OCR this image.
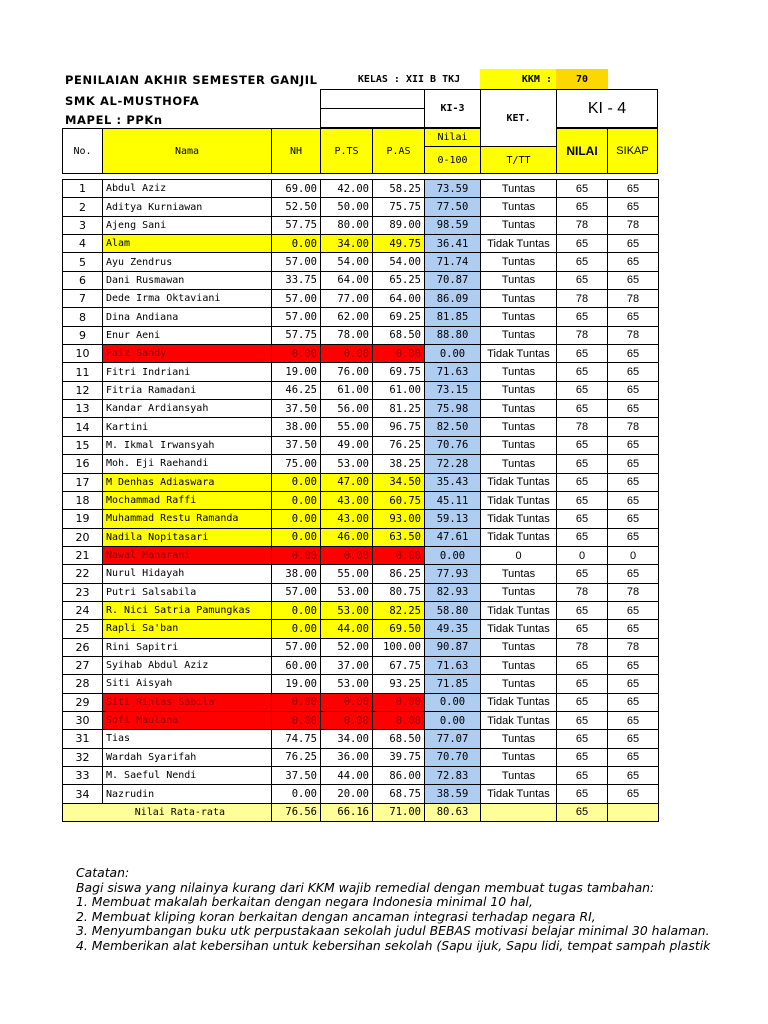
PENILAIAN AKHIR SEMESTER GANJIL
SMK AL-MUSTHOFA
MAPEL : PPKn
KELAS : XII B TKJ	KKM :	70
KI-3
KET.
KI - 4
No.	Nama	NH	P.TS	P.AS
Nilai
0-100	T/TT
NILAI	SIKAP
1	Abdul Aziz	69.00	42.00	58.25	73.59	Tuntas	65	65
2	Aditya Kurniawan	52.50	50.00	75.75	77.50	Tuntas	65	65
3	Ajeng Sani	57.75	80.00	89.00	98.59	Tuntas	78	78
4	Alam	0.00	34.00	49.75	36.41	Tidak Tuntas	65	65
5	Ayu Zendrus	57.00	54.00	54.00	71.74	Tuntas	65	65
6	Dani Rusmawan	33.75	64.00	65.25	70.87	Tuntas	65	65
7	Dede Irma Oktaviani	57.00	77.00	64.00	86.09	Tuntas	78	78
8	Dina Andiana	57.00	62.00	69.25	81.85	Tuntas	65	65
9	Enur Aeni	57.75	78.00	68.50	88.80	Tuntas	78	78
10	Faiz Sandy	0.00	0.00	0.00	0.00	Tidak Tuntas	65	65
11	Fitri Indriani	19.00	76.00	69.75	71.63	Tuntas	65	65
12	Fitria Ramadani	46.25	61.00	61.00	73.15	Tuntas	65	65
13	Kandar Ardiansyah	37.50	56.00	81.25	75.98	Tuntas	65	65
14	Kartini	38.00	55.00	96.75	82.50	Tuntas	78	78
15	M. Ikmal Irwansyah	37.50	49.00	76.25	70.76	Tuntas	65	65
16	Moh. Eji Raehandi	75.00	53.00	38.25	72.28	Tuntas	65	65
17	M Denhas Adiaswara	0.00	47.00	34.50	35.43	Tidak Tuntas	65	65
18	Mochammad Raffi	0.00	43.00	60.75	45.11	Tidak Tuntas	65	65
19	Muhammad Restu Ramanda	0.00	43.00	93.00	59.13	Tidak Tuntas	65	65
20	Nadila Nopitasari	0.00	46.00	63.50	47.61	Tidak Tuntas	65	65
21	Nawal Maharani	0.00	0.00	0.00	0.00	0	0	0
22	Nurul Hidayah	38.00	55.00	86.25	77.93	Tuntas	65	65
23	Putri Salsabila	57.00	53.00	80.75	82.93	Tuntas	78	78
24	R. Nici Satria Pamungkas	0.00	53.00	82.25	58.80	Tidak Tuntas	65	65
25	Rapli Sa'ban	0.00	44.00	69.50	49.35	Tidak Tuntas	65	65
26	Rini Sapitri	57.00	52.00	100.00	90.87	Tuntas	78	78
27	Syihab Abdul Aziz	60.00	37.00	67.75	71.63	Tuntas	65	65
28	Siti Aisyah	19.00	53.00	93.25	71.85	Tuntas	65	65
29	Siti Rihlas Sabila	0.00	0.00	0.00	0.00	Tidak Tuntas	65	65
30	Sofi Maulana	0.00	0.00	0.00	0.00	Tidak Tuntas	65	65
31	Tias	74.75	34.00	68.50	77.07	Tuntas	65	65
32	Wardah Syarifah	76.25	36.00	39.75	70.70	Tuntas	65	65
33	M. Saeful Nendi	37.50	44.00	86.00	72.83	Tuntas	65	65
34	Nazrudin	0.00	20.00	68.75	38.59	Tidak Tuntas	65	65
Nilai Rata-rata		76.56	66.16	71.00	80.63		65	
Catatan:
Bagi siswa yang nilainya kurang dari KKM wajib remedial dengan membuat tugas tambahan:
1. Membuat makalah berkaitan dengan negara Indonesia minimal 10 hal,
2. Membuat kliping koran berkaitan dengan ancaman integrasi terhadap negara RI,
3. Menyumbangan buku utk perpustakaan sekolah judul BEBAS motivasi belajar minimal 30 halaman.
4. Memberikan alat kebersihan untuk kebersihan sekolah (Sapu ijuk, Sapu lidi, tempat sampah plastik
